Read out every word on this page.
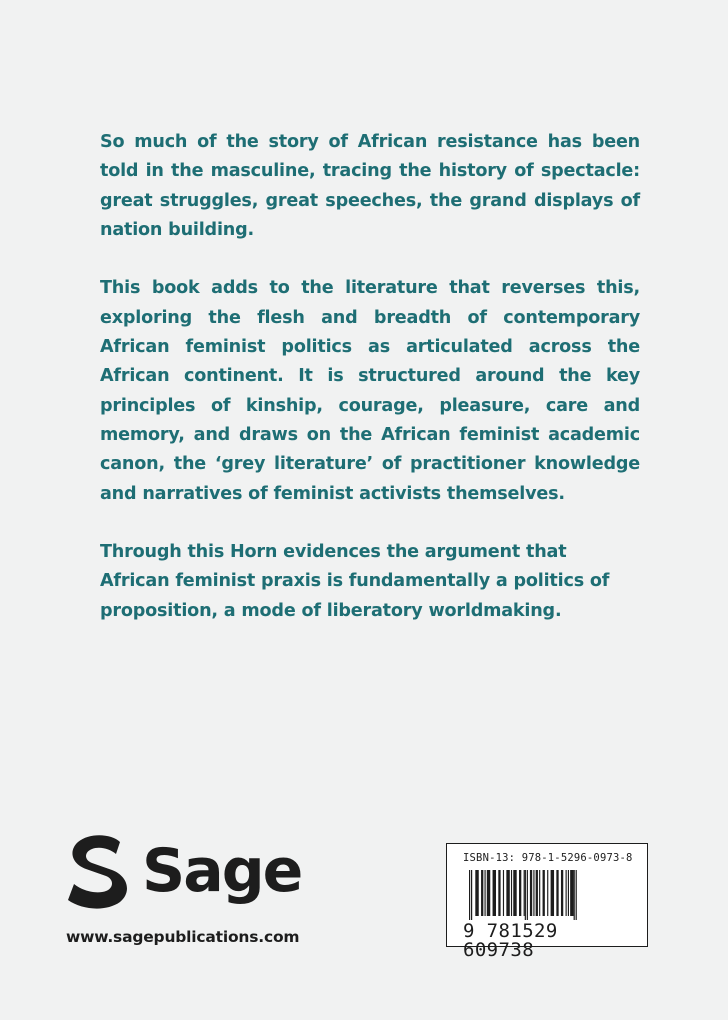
So much of the story of African resistance has been told in the masculine, tracing the history of spectacle: great struggles, great speeches, the grand displays of nation building.

This book adds to the literature that reverses this, exploring the flesh and breadth of contemporary African feminist politics as articulated across the African continent. It is structured around the key principles of kinship, courage, pleasure, care and memory, and draws on the African feminist academic canon, the ‘grey literature’ of practitioner knowledge and narratives of feminist activists themselves.

Through this Horn evidences the argument that African feminist praxis is fundamentally a politics of proposition, a mode of liberatory worldmaking.

Sage
www.sagepublications.com
ISBN-13: 978-1-5296-0973-8
9 781529 609738
